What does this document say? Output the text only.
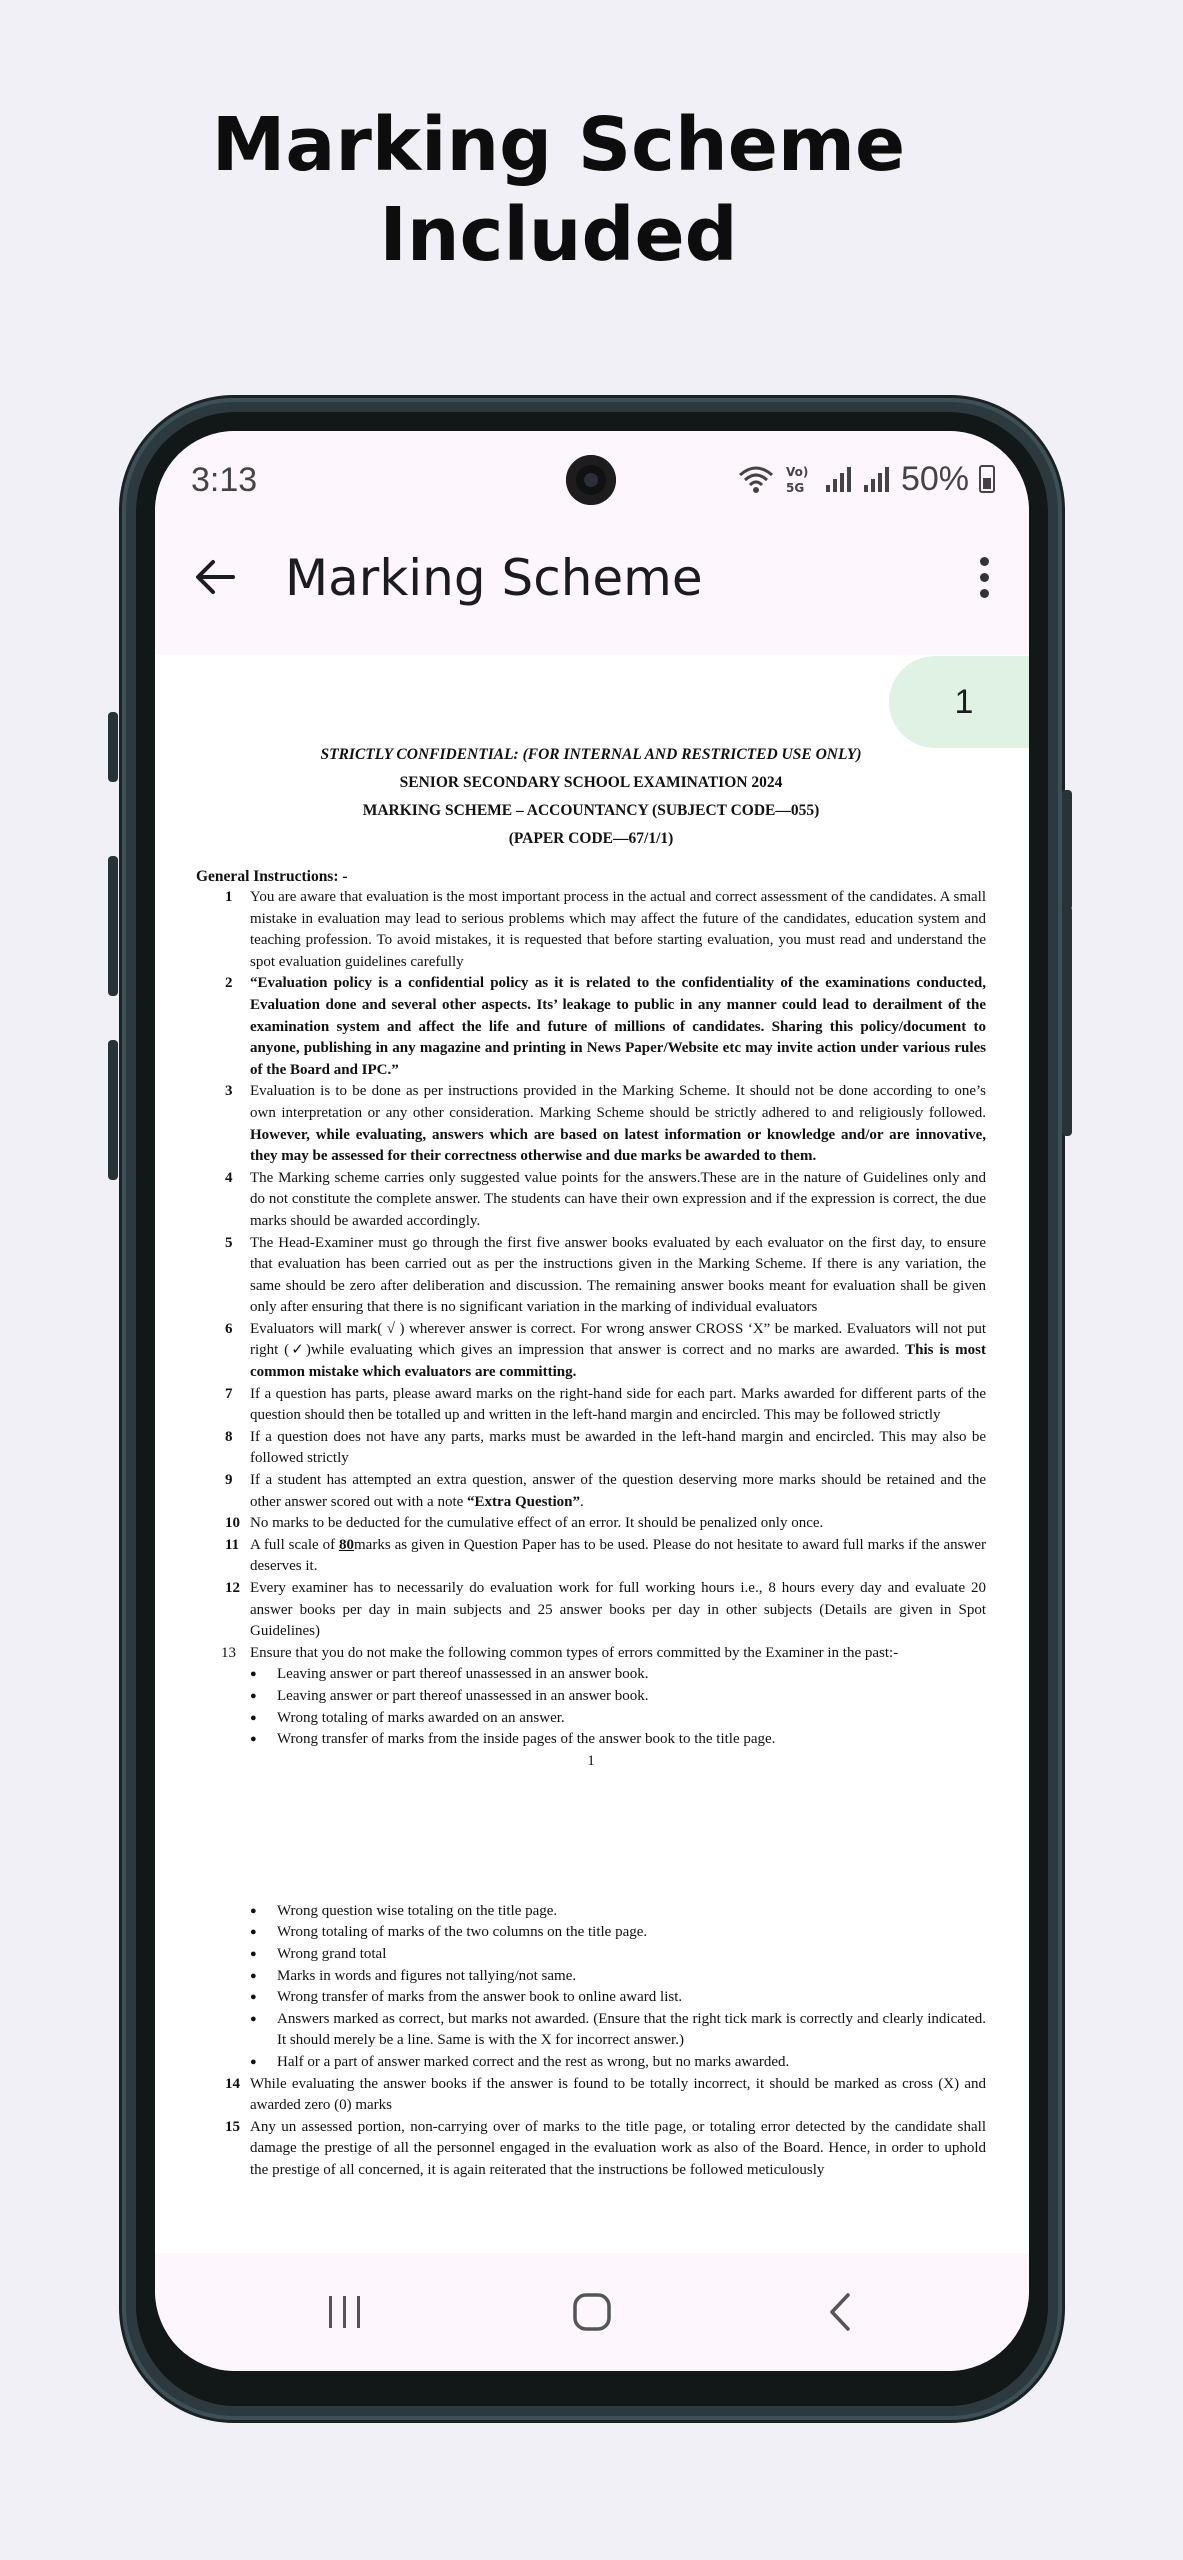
Marking Scheme
Included
3:13	Vo)
5G	50%
Marking Scheme
1
STRICTLY CONFIDENTIAL: (FOR INTERNAL AND RESTRICTED USE ONLY)
SENIOR SECONDARY SCHOOL EXAMINATION 2024
MARKING SCHEME – ACCOUNTANCY (SUBJECT CODE—055)
(PAPER CODE—67/1/1)
General Instructions: -
1 You are aware that evaluation is the most important process in the actual and correct assessment of the candidates. A small mistake in evaluation may lead to serious problems which may affect the future of the candidates, education system and teaching profession. To avoid mistakes, it is requested that before starting evaluation, you must read and understand the spot evaluation guidelines carefully
2 “Evaluation policy is a confidential policy as it is related to the confidentiality of the examinations conducted, Evaluation done and several other aspects. Its’ leakage to public in any manner could lead to derailment of the examination system and affect the life and future of millions of candidates. Sharing this policy/document to anyone, publishing in any magazine and printing in News Paper/Website etc may invite action under various rules of the Board and IPC.”
3 Evaluation is to be done as per instructions provided in the Marking Scheme. It should not be done according to one’s own interpretation or any other consideration. Marking Scheme should be strictly adhered to and religiously followed. However, while evaluating, answers which are based on latest information or knowledge and/or are innovative, they may be assessed for their correctness otherwise and due marks be awarded to them.
4 The Marking scheme carries only suggested value points for the answers.These are in the nature of Guidelines only and do not constitute the complete answer. The students can have their own expression and if the expression is correct, the due marks should be awarded accordingly.
5 The Head-Examiner must go through the first five answer books evaluated by each evaluator on the first day, to ensure that evaluation has been carried out as per the instructions given in the Marking Scheme. If there is any variation, the same should be zero after deliberation and discussion. The remaining answer books meant for evaluation shall be given only after ensuring that there is no significant variation in the marking of individual evaluators
6 Evaluators will mark( √ ) wherever answer is correct. For wrong answer CROSS ‘X” be marked. Evaluators will not put right (✓)while evaluating which gives an impression that answer is correct and no marks are awarded. This is most common mistake which evaluators are committing.
7 If a question has parts, please award marks on the right-hand side for each part. Marks awarded for different parts of the question should then be totalled up and written in the left-hand margin and encircled. This may be followed strictly
8 If a question does not have any parts, marks must be awarded in the left-hand margin and encircled. This may also be followed strictly
9 If a student has attempted an extra question, answer of the question deserving more marks should be retained and the other answer scored out with a note “Extra Question”.
10 No marks to be deducted for the cumulative effect of an error. It should be penalized only once.
11 A full scale of 80marks as given in Question Paper has to be used. Please do not hesitate to award full marks if the answer deserves it.
12 Every examiner has to necessarily do evaluation work for full working hours i.e., 8 hours every day and evaluate 20 answer books per day in main subjects and 25 answer books per day in other subjects (Details are given in Spot Guidelines)
13 Ensure that you do not make the following common types of errors committed by the Examiner in the past:-
● Leaving answer or part thereof unassessed in an answer book.
● Leaving answer or part thereof unassessed in an answer book.
● Wrong totaling of marks awarded on an answer.
● Wrong transfer of marks from the inside pages of the answer book to the title page.
1
● Wrong question wise totaling on the title page.
● Wrong totaling of marks of the two columns on the title page.
● Wrong grand total
● Marks in words and figures not tallying/not same.
● Wrong transfer of marks from the answer book to online award list.
● Answers marked as correct, but marks not awarded. (Ensure that the right tick mark is correctly and clearly indicated. It should merely be a line. Same is with the X for incorrect answer.)
● Half or a part of answer marked correct and the rest as wrong, but no marks awarded.
14 While evaluating the answer books if the answer is found to be totally incorrect, it should be marked as cross (X) and awarded zero (0) marks
15 Any un assessed portion, non-carrying over of marks to the title page, or totaling error detected by the candidate shall damage the prestige of all the personnel engaged in the evaluation work as also of the Board. Hence, in order to uphold the prestige of all concerned, it is again reiterated that the instructions be followed meticulously
